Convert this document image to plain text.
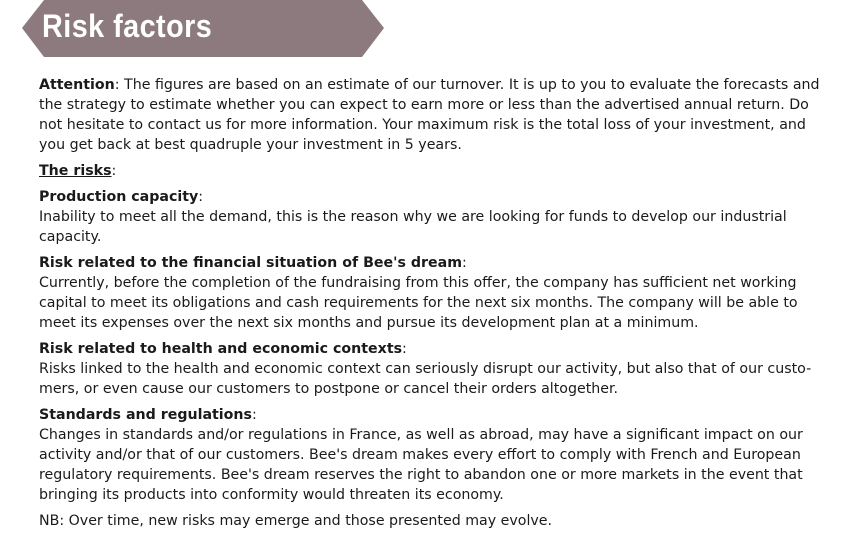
Risk factors

Attention: The figures are based on an estimate of our turnover. It is up to you to evaluate the forecasts and the strategy to estimate whether you can expect to earn more or less than the advertised annual return. Do not hesitate to contact us for more information. Your maximum risk is the total loss of your investment, and you get back at best quadruple your investment in 5 years.

The risks:

Production capacity:

Inability to meet all the demand, this is the reason why we are looking for funds to develop our industrial capacity.

Risk related to the financial situation of Bee's dream:

Currently, before the completion of the fundraising from this offer, the company has sufficient net working capital to meet its obligations and cash requirements for the next six months. The company will be able to meet its expenses over the next six months and pursue its development plan at a minimum.

Risk related to health and economic contexts:

Risks linked to the health and economic context can seriously disrupt our activity, but also that of our custo-mers, or even cause our customers to postpone or cancel their orders altogether.

Standards and regulations:

Changes in standards and/or regulations in France, as well as abroad, may have a significant impact on our activity and/or that of our customers. Bee's dream makes every effort to comply with French and European regulatory requirements. Bee's dream reserves the right to abandon one or more markets in the event that bringing its products into conformity would threaten its economy.

NB: Over time, new risks may emerge and those presented may evolve.
